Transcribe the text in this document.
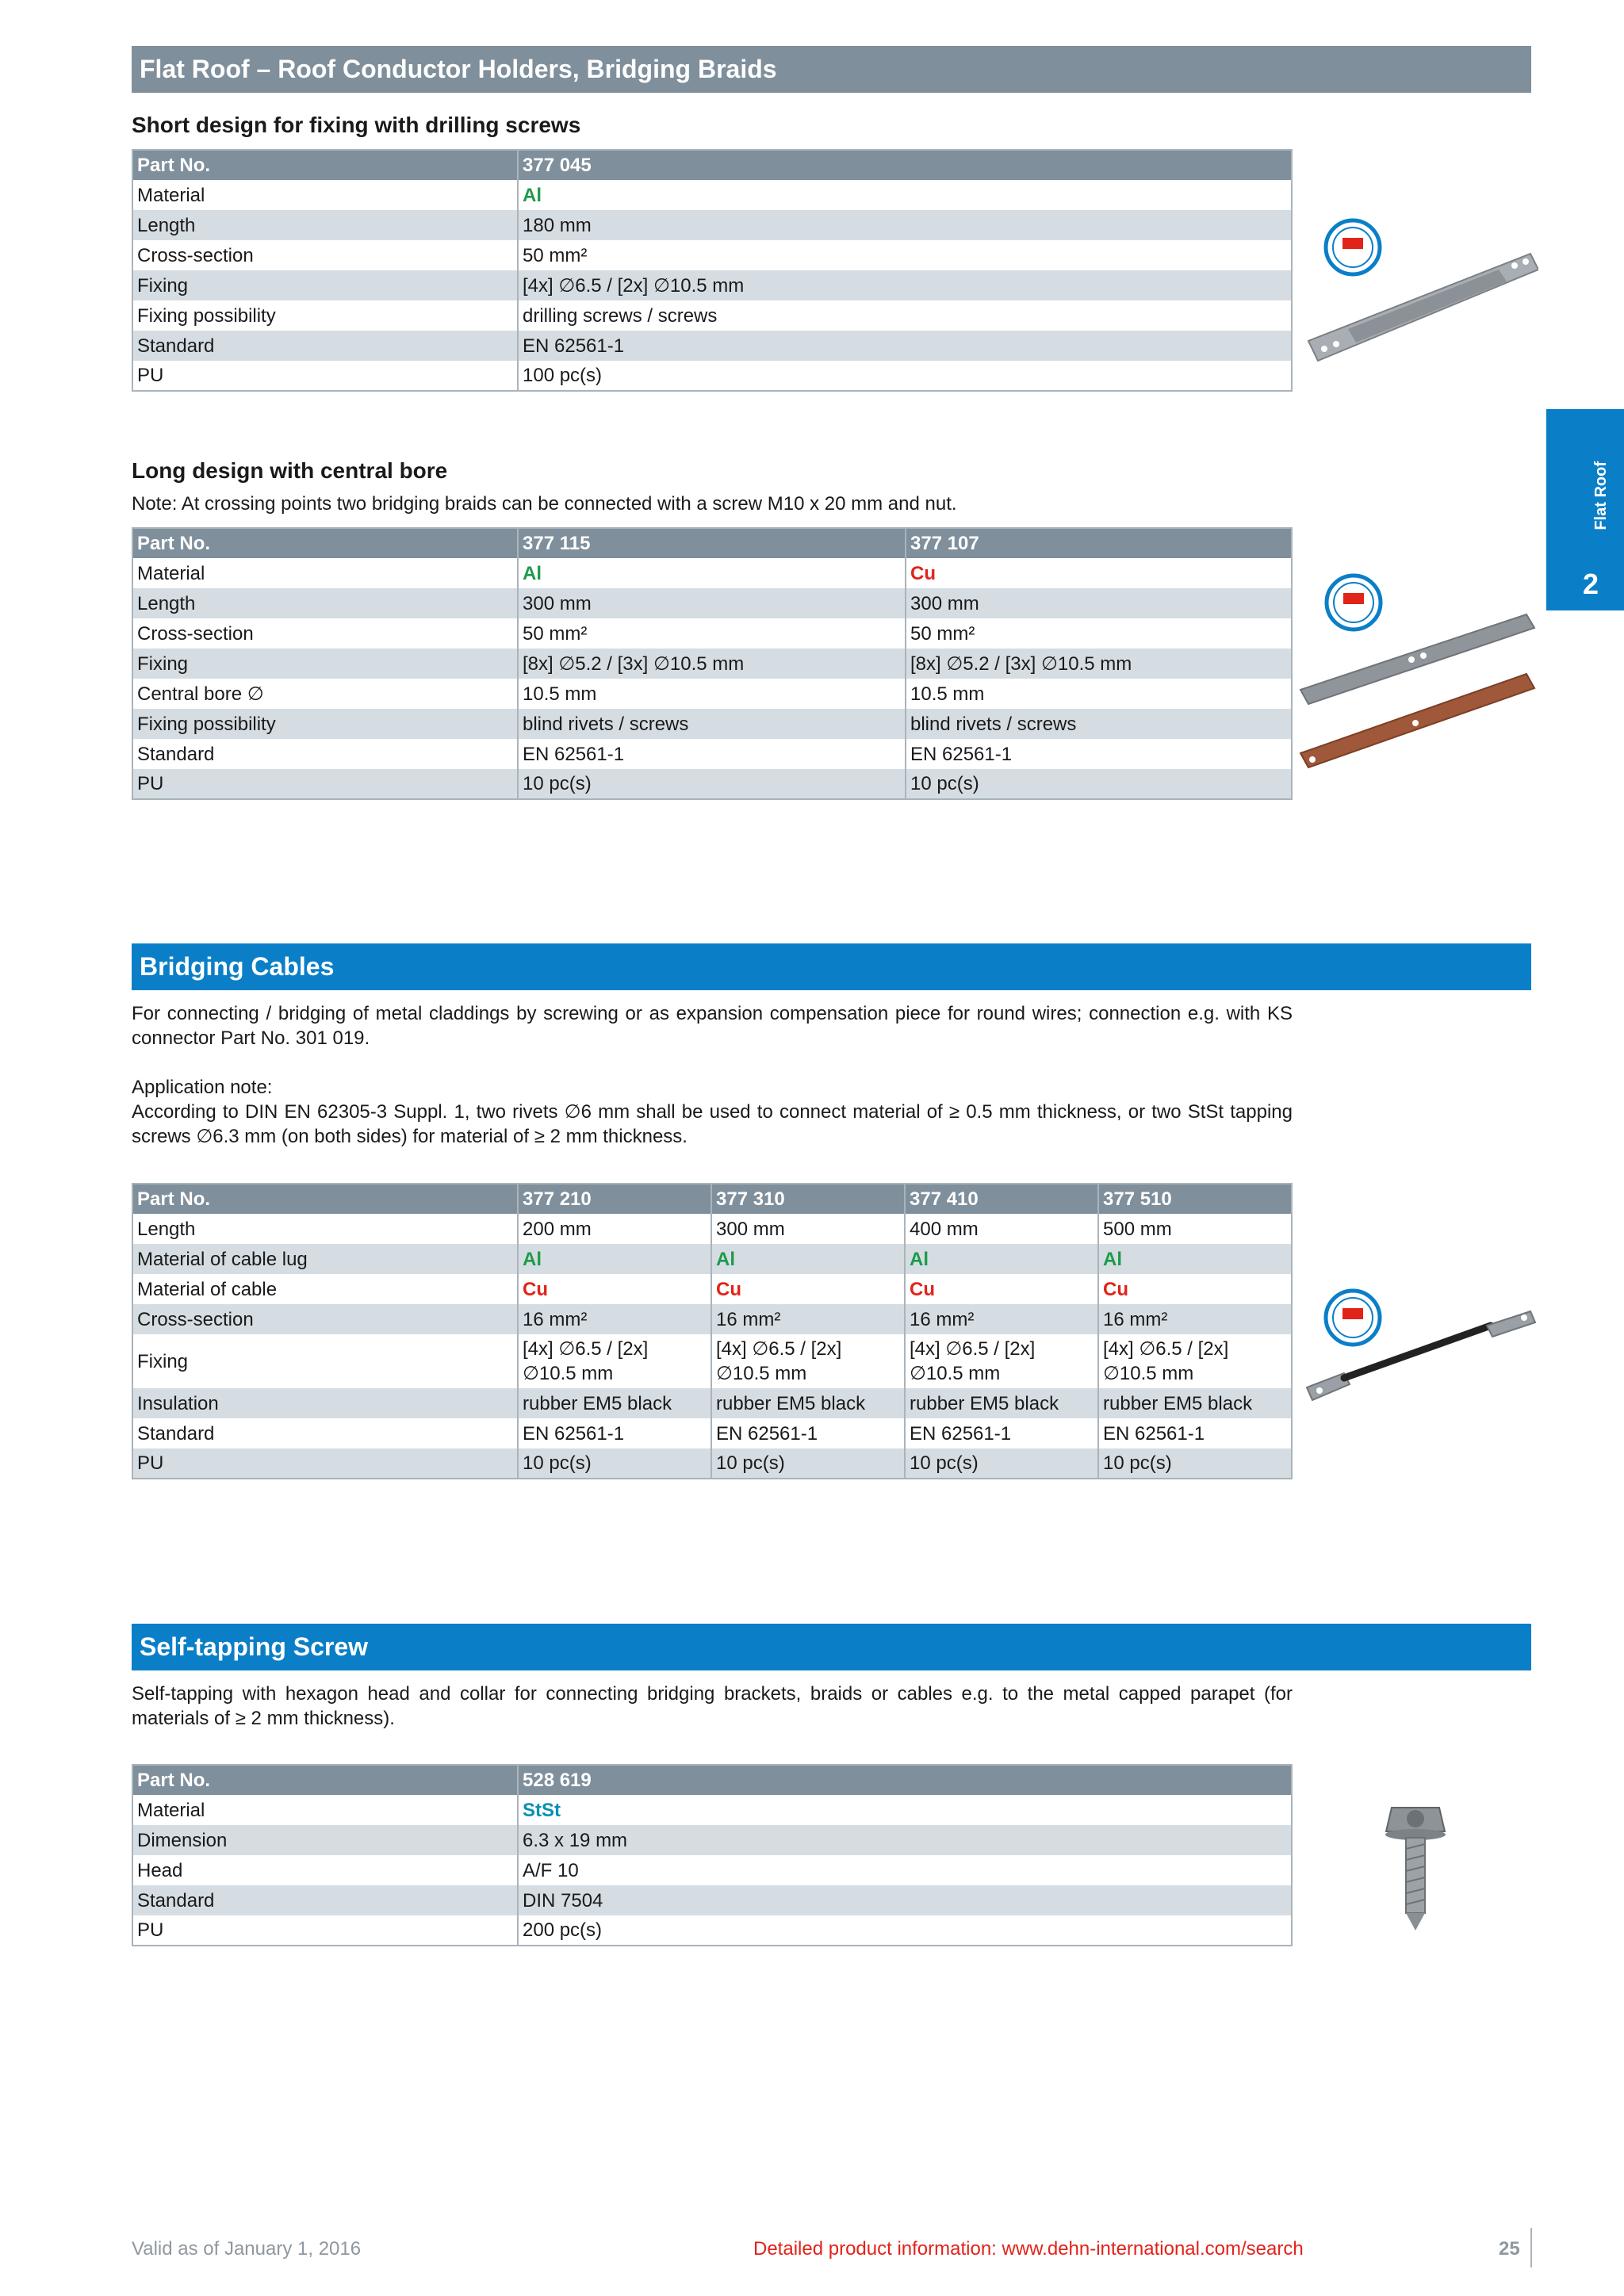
Flat Roof – Roof Conductor Holders, Bridging Braids
Short design for fixing with drilling screws
Part No.	377 045
Material	Al
Length	180 mm
Cross-section	50 mm²
Fixing	[4x] ∅6.5 / [2x] ∅10.5 mm
Fixing possibility	drilling screws / screws
Standard	EN 62561-1
PU	100 pc(s)
Long design with central bore
Note: At crossing points two bridging braids can be connected with a screw M10 x 20 mm and nut.
Part No.	377 115	377 107
Material	Al	Cu
Length	300 mm	300 mm
Cross-section	50 mm²	50 mm²
Fixing	[8x] ∅5.2 / [3x] ∅10.5 mm	[8x] ∅5.2 / [3x] ∅10.5 mm
Central bore ∅	10.5 mm	10.5 mm
Fixing possibility	blind rivets / screws	blind rivets / screws
Standard	EN 62561-1	EN 62561-1
PU	10 pc(s)	10 pc(s)
Bridging Cables
For connecting / bridging of metal claddings by screwing or as expansion compensation piece for round wires; connection e.g. with KS connector Part No. 301 019.
Application note:
According to DIN EN 62305-3 Suppl. 1, two rivets ∅6 mm shall be used to connect material of ≥ 0.5 mm thickness, or two StSt tapping screws ∅6.3 mm (on both sides) for material of ≥ 2 mm thickness.
Part No.	377 210	377 310	377 410	377 510
Length	200 mm	300 mm	400 mm	500 mm
Material of cable lug	Al	Al	Al	Al
Material of cable	Cu	Cu	Cu	Cu
Cross-section	16 mm²	16 mm²	16 mm²	16 mm²
Fixing	[4x] ∅6.5 / [2x] ∅10.5 mm	[4x] ∅6.5 / [2x] ∅10.5 mm	[4x] ∅6.5 / [2x] ∅10.5 mm	[4x] ∅6.5 / [2x] ∅10.5 mm
Insulation	rubber EM5 black	rubber EM5 black	rubber EM5 black	rubber EM5 black
Standard	EN 62561-1	EN 62561-1	EN 62561-1	EN 62561-1
PU	10 pc(s)	10 pc(s)	10 pc(s)	10 pc(s)
Self-tapping Screw
Self-tapping with hexagon head and collar for connecting bridging brackets, braids or cables e.g. to the metal capped parapet (for materials of ≥ 2 mm thickness).
Part No.	528 619
Material	StSt
Dimension	6.3 x 19 mm
Head	A/F 10
Standard	DIN 7504
PU	200 pc(s)
Flat Roof
2
Valid as of January 1, 2016	Detailed product information: www.dehn-international.com/search	25
